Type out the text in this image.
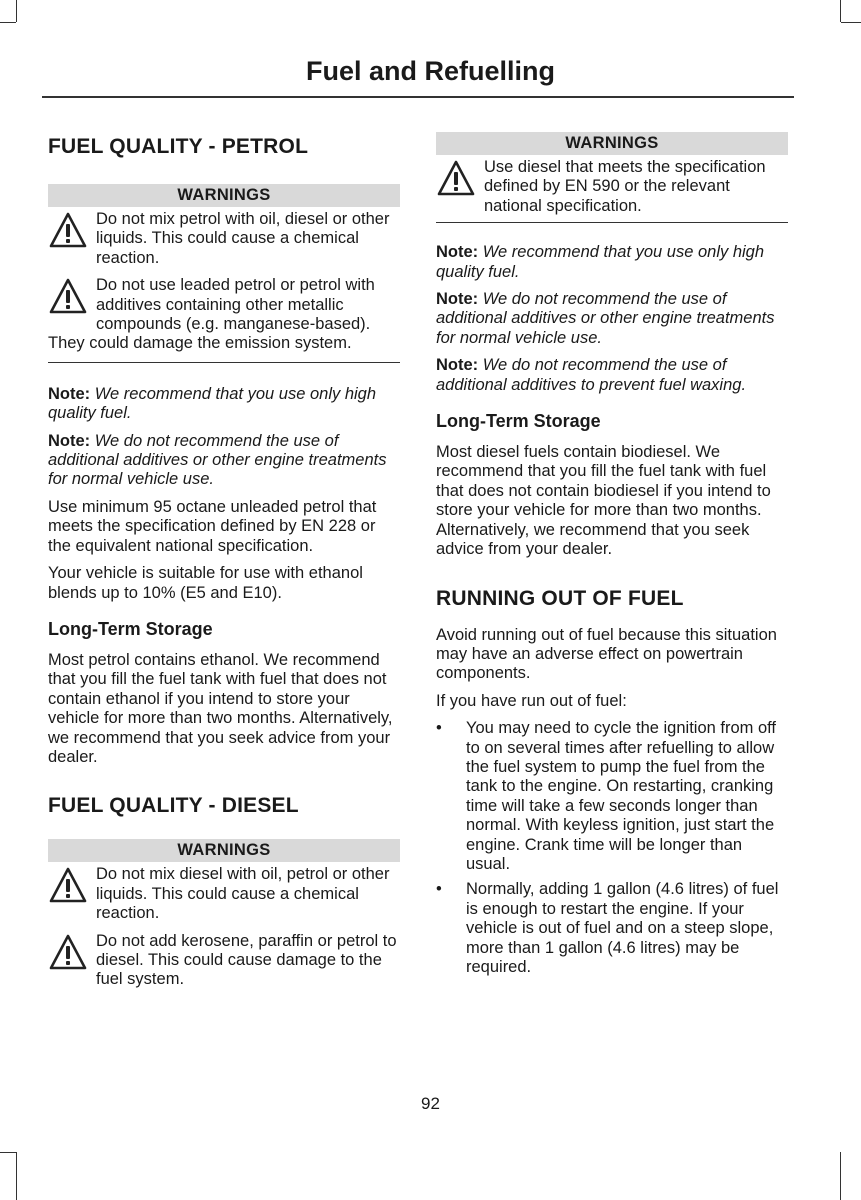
Fuel and Refuelling
FUEL QUALITY - PETROL
WARNINGS
Do not mix petrol with oil, diesel or other liquids. This could cause a chemical reaction.
Do not use leaded petrol or petrol with additives containing other metallic compounds (e.g. manganese-based). They could damage the emission system.

Note: We recommend that you use only high quality fuel.

Note: We do not recommend the use of additional additives or other engine treatments for normal vehicle use.

Use minimum 95 octane unleaded petrol that meets the specification defined by EN 228 or the equivalent national specification.

Your vehicle is suitable for use with ethanol blends up to 10% (E5 and E10).

Long-Term Storage

Most petrol contains ethanol. We recommend that you fill the fuel tank with fuel that does not contain ethanol if you intend to store your vehicle for more than two months. Alternatively, we recommend that you seek advice from your dealer.

FUEL QUALITY - DIESEL
WARNINGS
Do not mix diesel with oil, petrol or other liquids. This could cause a chemical reaction.
Do not add kerosene, paraffin or petrol to diesel. This could cause damage to the fuel system.
WARNINGS
Use diesel that meets the specification defined by EN 590 or the relevant national specification.

Note: We recommend that you use only high quality fuel.

Note: We do not recommend the use of additional additives or other engine treatments for normal vehicle use.

Note: We do not recommend the use of additional additives to prevent fuel waxing.

Long-Term Storage

Most diesel fuels contain biodiesel. We recommend that you fill the fuel tank with fuel that does not contain biodiesel if you intend to store your vehicle for more than two months. Alternatively, we recommend that you seek advice from your dealer.

RUNNING OUT OF FUEL

Avoid running out of fuel because this situation may have an adverse effect on powertrain components.

If you have run out of fuel:

• You may need to cycle the ignition from off to on several times after refuelling to allow the fuel system to pump the fuel from the tank to the engine. On restarting, cranking time will take a few seconds longer than normal. With keyless ignition, just start the engine. Crank time will be longer than usual.
• Normally, adding 1 gallon (4.6 litres) of fuel is enough to restart the engine. If your vehicle is out of fuel and on a steep slope, more than 1 gallon (4.6 litres) may be required.
92
